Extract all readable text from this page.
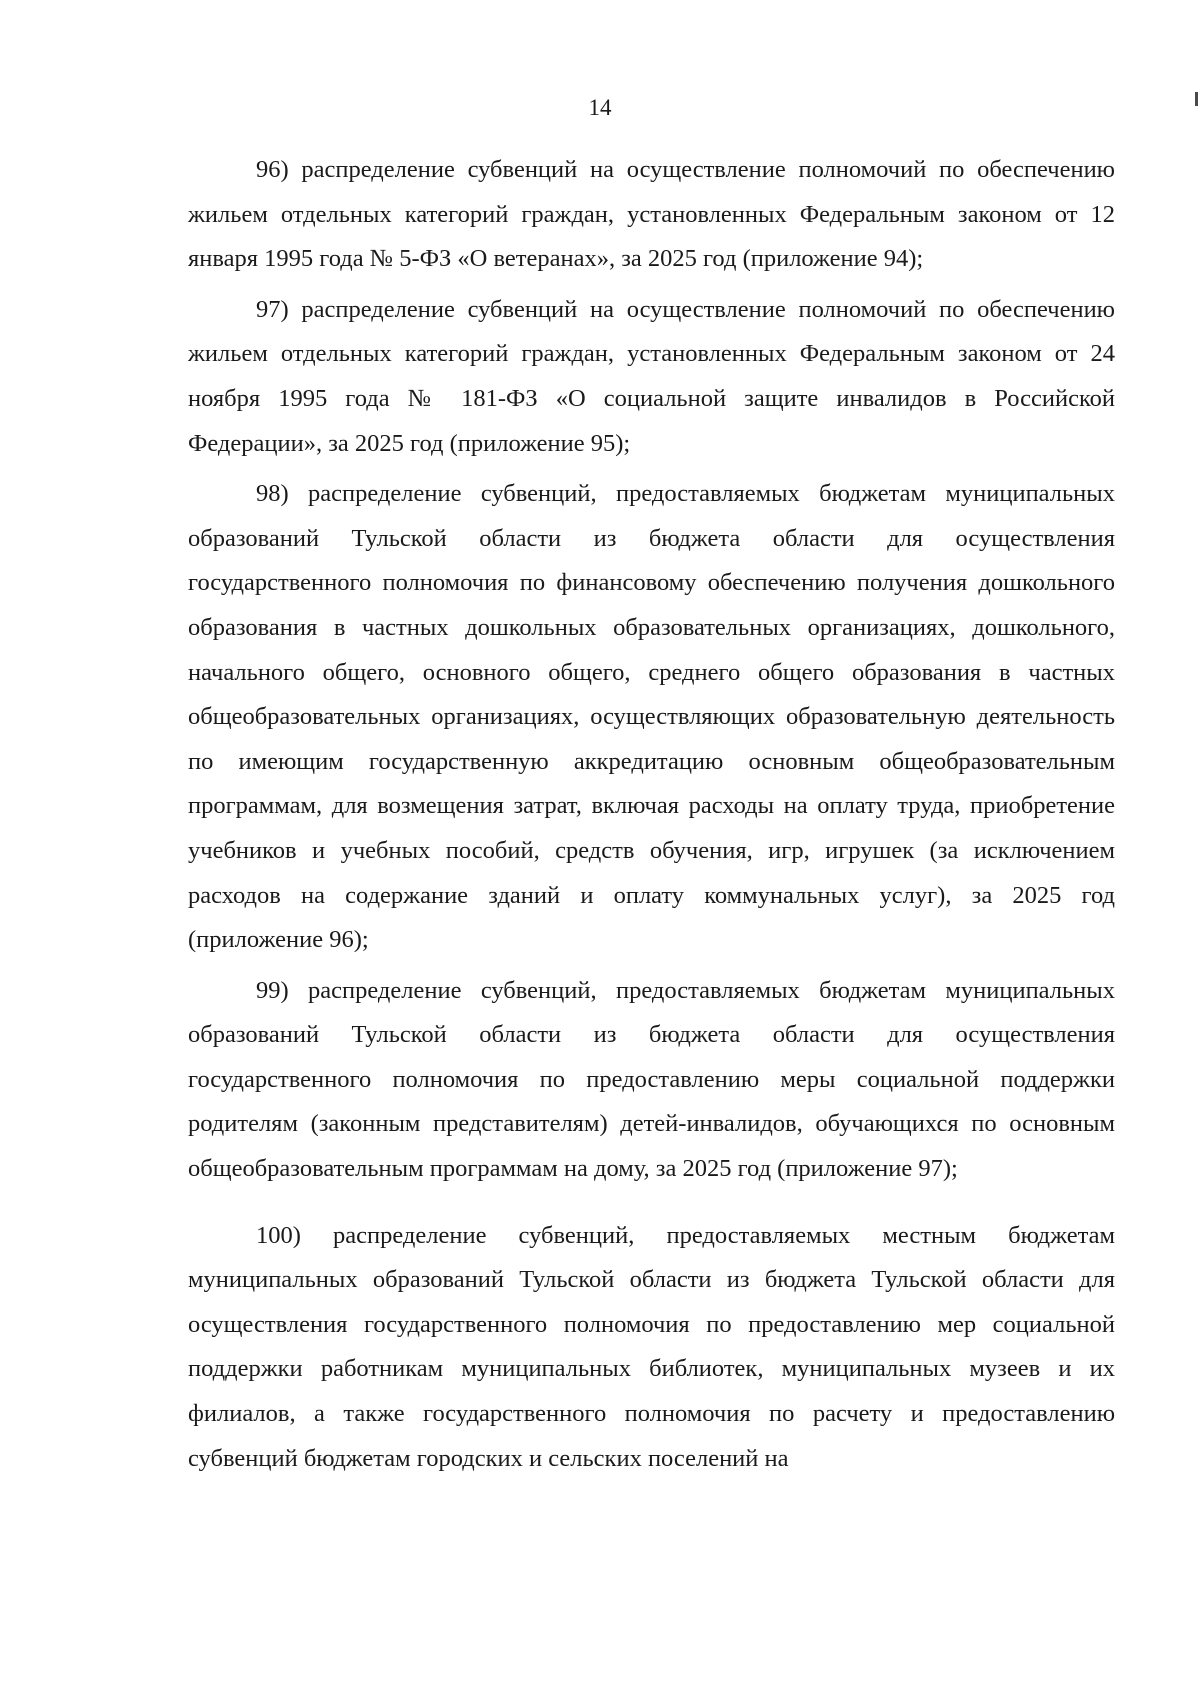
14

96) распределение субвенций на осуществление полномочий по обеспечению жильем отдельных категорий граждан, установленных Федеральным законом от 12 января 1995 года № 5-ФЗ «О ветеранах», за 2025 год (приложение 94);

97) распределение субвенций на осуществление полномочий по обеспечению жильем отдельных категорий граждан, установленных Федеральным законом от 24 ноября 1995 года № 181-ФЗ «О социальной защите инвалидов в Российской Федерации», за 2025 год (приложение 95);

98) распределение субвенций, предоставляемых бюджетам муниципальных образований Тульской области из бюджета области для осуществления государственного полномочия по финансовому обеспечению получения дошкольного образования в частных дошкольных образовательных организациях, дошкольного, начального общего, основного общего, среднего общего образования в частных общеобразовательных организациях, осуществляющих образовательную деятельность по имеющим государственную аккредитацию основным общеобразовательным программам, для возмещения затрат, включая расходы на оплату труда, приобретение учебников и учебных пособий, средств обучения, игр, игрушек (за исключением расходов на содержание зданий и оплату коммунальных услуг), за 2025 год (приложение 96);

99) распределение субвенций, предоставляемых бюджетам муниципальных образований Тульской области из бюджета области для осуществления государственного полномочия по предоставлению меры социальной поддержки родителям (законным представителям) детей-инвалидов, обучающихся по основным общеобразовательным программам на дому, за 2025 год (приложение 97);

100) распределение субвенций, предоставляемых местным бюджетам муниципальных образований Тульской области из бюджета Тульской области для осуществления государственного полномочия по предоставлению мер социальной поддержки работникам муниципальных библиотек, муниципальных музеев и их филиалов, а также государственного полномочия по расчету и предоставлению субвенций бюджетам городских и сельских поселений на
